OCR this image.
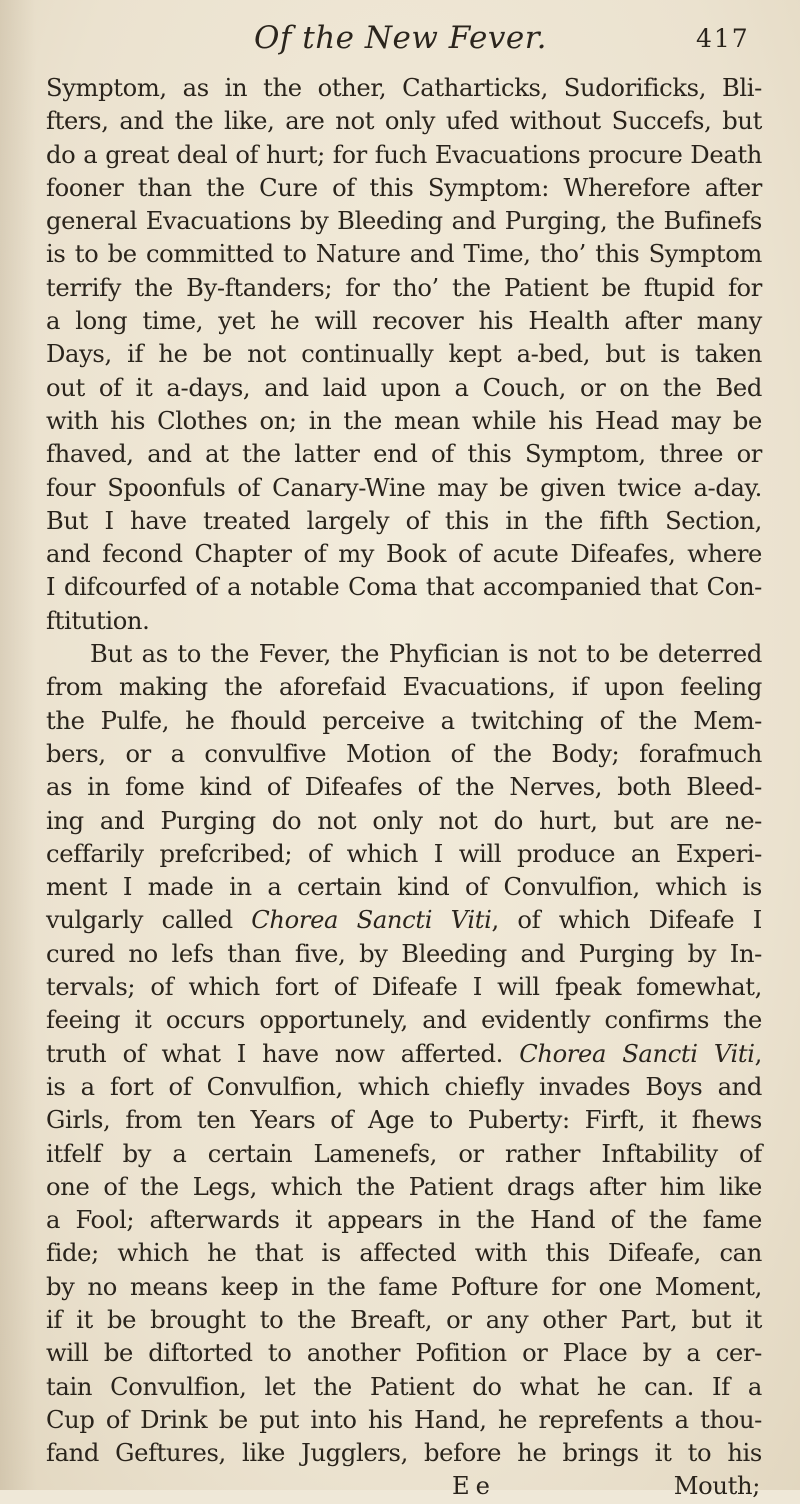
Of the New Fever.	417
Symptom, as in the other, Catharticks, Sudorificks, Bli-
fters, and the like, are not only ufed without Succefs, but
do a great deal of hurt; for fuch Evacuations procure Death
fooner than the Cure of this Symptom: Wherefore after
general Evacuations by Bleeding and Purging, the Bufinefs
is to be committed to Nature and Time, tho’ this Symptom
terrify the By-ftanders; for tho’ the Patient be ftupid for
a long time, yet he will recover his Health after many
Days, if he be not continually kept a-bed, but is taken
out of it a-days, and laid upon a Couch, or on the Bed
with his Clothes on; in the mean while his Head may be
fhaved, and at the latter end of this Symptom, three or
four Spoonfuls of Canary-Wine may be given twice a-day.
But I have treated largely of this in the fifth Section,
and fecond Chapter of my Book of acute Difeafes, where
I difcourfed of a notable Coma that accompanied that Con-
ftitution.
But as to the Fever, the Phyfician is not to be deterred
from making the aforefaid Evacuations, if upon feeling
the Pulfe, he fhould perceive a twitching of the Mem-
bers, or a convulfive Motion of the Body; forafmuch
as in fome kind of Difeafes of the Nerves, both Bleed-
ing and Purging do not only not do hurt, but are ne-
ceffarily prefcribed; of which I will produce an Experi-
ment I made in a certain kind of Convulfion, which is
vulgarly called Chorea Sancti Viti, of which Difeafe I
cured no lefs than five, by Bleeding and Purging by In-
tervals; of which fort of Difeafe I will fpeak fomewhat,
feeing it occurs opportunely, and evidently confirms the
truth of what I have now afferted. Chorea Sancti Viti,
is a fort of Convulfion, which chiefly invades Boys and
Girls, from ten Years of Age to Puberty: Firft, it fhews
itfelf by a certain Lamenefs, or rather Inftability of
one of the Legs, which the Patient drags after him like
a Fool; afterwards it appears in the Hand of the fame
fide; which he that is affected with this Difeafe, can
by no means keep in the fame Pofture for one Moment,
if it be brought to the Breaft, or any other Part, but it
will be diftorted to another Pofition or Place by a cer-
tain Convulfion, let the Patient do what he can. If a
Cup of Drink be put into his Hand, he reprefents a thou-
fand Geftures, like Jugglers, before he brings it to his
E e	Mouth;
